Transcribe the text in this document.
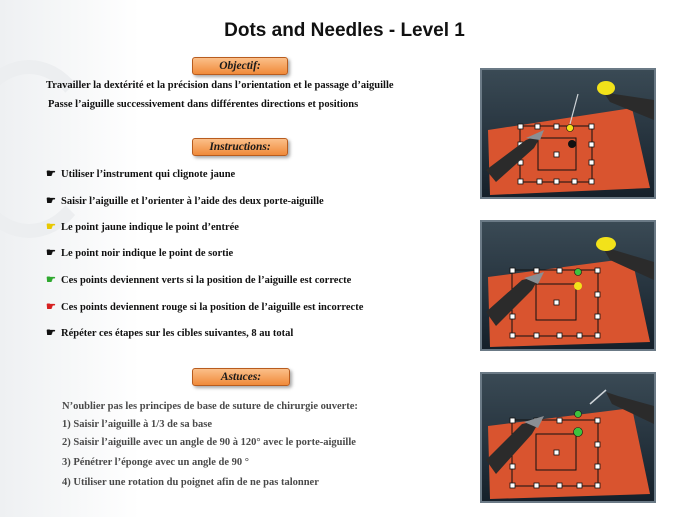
Dots and Needles - Level 1
Objectif:
Travailler la dextérité et la précision dans l’orientation et le passage d’aiguille
Passe l’aiguille successivement dans différentes directions et positions
Instructions:
☛ Utiliser l’instrument qui clignote jaune
☛ Saisir l’aiguille et l’orienter à l’aide des deux porte-aiguille
☛ Le point jaune indique le point d’entrée
☛ Le point noir indique le point de sortie
☛ Ces points deviennent verts si la position de l’aiguille est correcte
☛ Ces points deviennent rouge si la position de l’aiguille est incorrecte
☛ Répéter ces étapes sur les cibles suivantes, 8 au total
Astuces:
N’oublier pas les principes de base de suture de chirurgie ouverte:
1) Saisir l’aiguille à 1/3 de sa base
2) Saisir l’aiguille avec un angle de 90 à 120° avec le porte-aiguille
3) Pénétrer l’éponge avec un angle de 90 °
4) Utiliser une rotation du poignet afin de ne pas talonner
